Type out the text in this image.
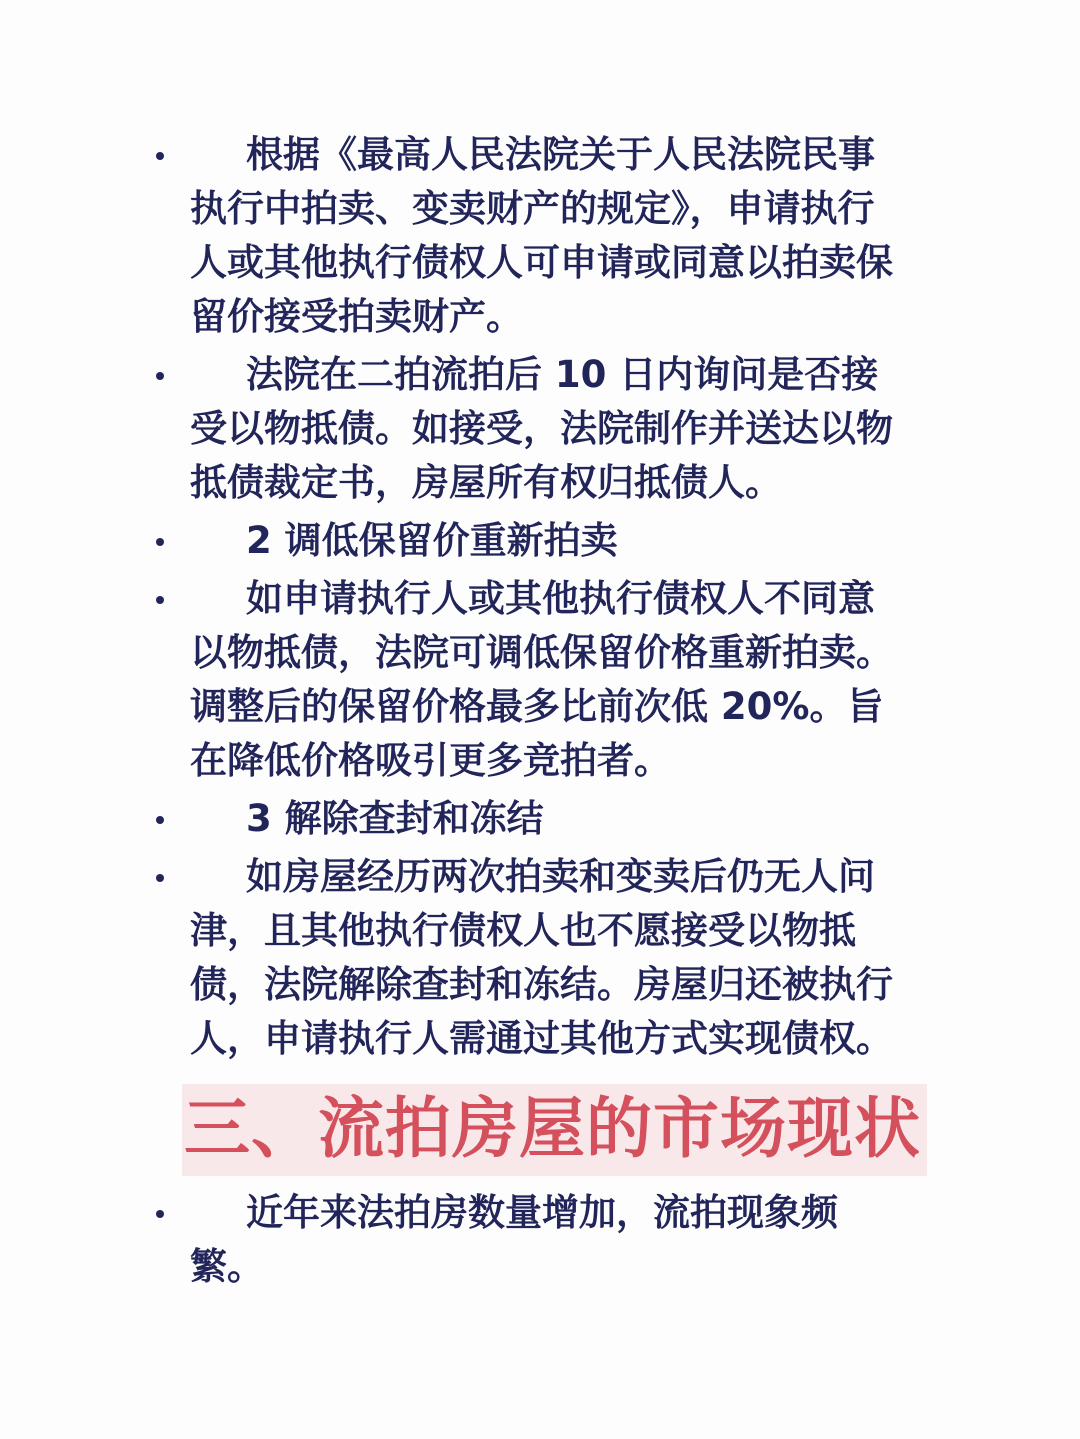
根据《最高人民法院关于人民法院民事执行中拍卖、变卖财产的规定》，申请执行人或其他执行债权人可申请或同意以拍卖保留价接受拍卖财产。
法院在二拍流拍后 10 日内询问是否接受以物抵债。如接受，法院制作并送达以物抵债裁定书，房屋所有权归抵债人。
2 调低保留价重新拍卖
如申请执行人或其他执行债权人不同意以物抵债，法院可调低保留价格重新拍卖。调整后的保留价格最多比前次低 20%。旨在降低价格吸引更多竞拍者。
3 解除查封和冻结
如房屋经历两次拍卖和变卖后仍无人问津，且其他执行债权人也不愿接受以物抵债，法院解除查封和冻结。房屋归还被执行人，申请执行人需通过其他方式实现债权。
三、流拍房屋的市场现状
近年来法拍房数量增加，流拍现象频繁。
